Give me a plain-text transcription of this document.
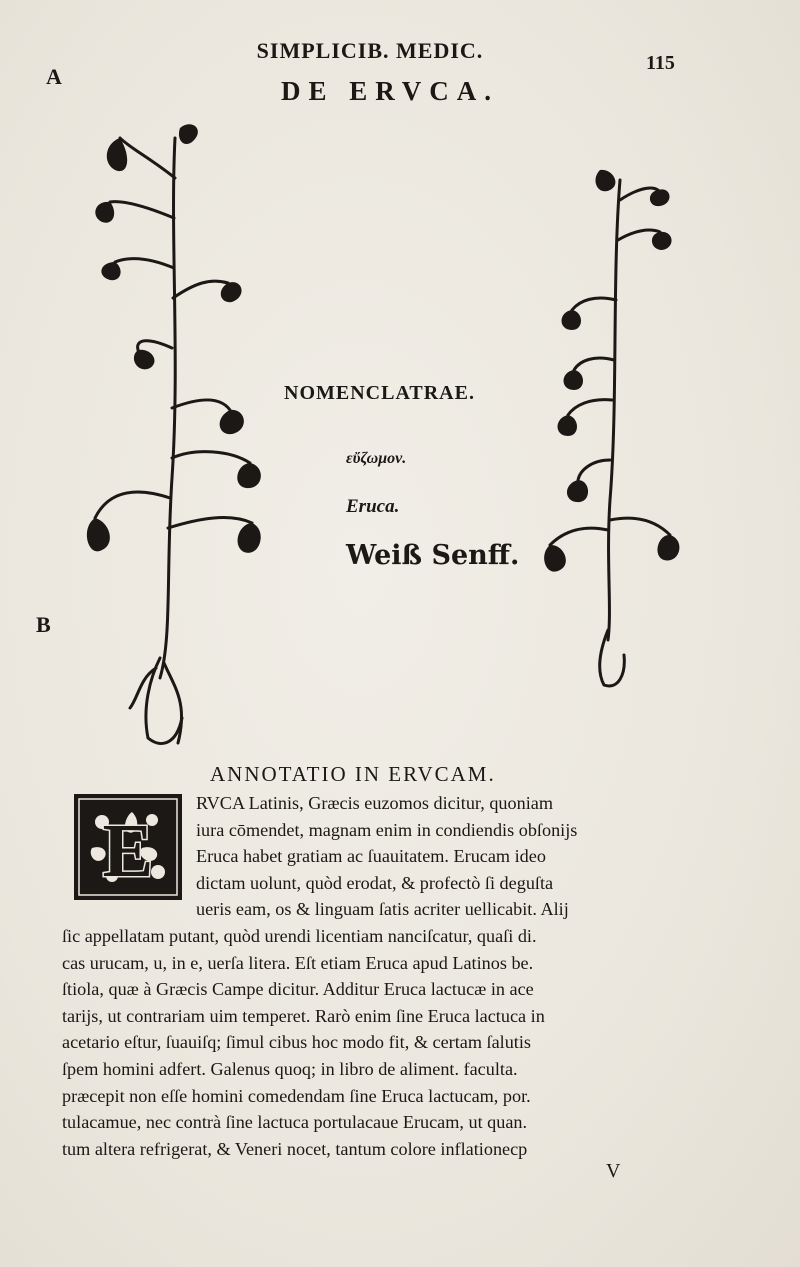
SIMPLICIB. MEDIC.	115
DE ERVCA.
A
B
NOMENCLATRAE.
εὔζωμον.
Eruca.
Weiß Senff.
ANNOTATIO IN ERVCAM.
E
RVCA Latinis, Græcis euzomos dicitur, quoniam
iura cōmendet, magnam enim in condiendis obſonijs
Eruca habet gratiam ac ſuauitatem. Erucam ideo
dictam uolunt, quòd erodat, & profectò ſi deguſta
ueris eam, os & linguam ſatis acriter uellicabit. Alij
ſic appellatam putant, quòd urendi licentiam nanciſcatur, quaſi di.
cas urucam, u, in e, uerſa litera. Eſt etiam Eruca apud Latinos be.
ſtiola, quæ à Græcis Campe dicitur. Additur Eruca lactucæ in ace
tarijs, ut contrariam uim temperet. Rarò enim ſine Eruca lactuca in
acetario eſtur, ſuauiſq; ſimul cibus hoc modo fit, & certam ſalutis
ſpem homini adfert. Galenus quoq; in libro de aliment. faculta.
præcepit non eſſe homini comedendam ſine Eruca lactucam, por.
tulacamue, nec contrà ſine lactuca portulacaue Erucam, ut quan.
tum altera refrigerat, & Veneri nocet, tantum colore inflationecp
V
